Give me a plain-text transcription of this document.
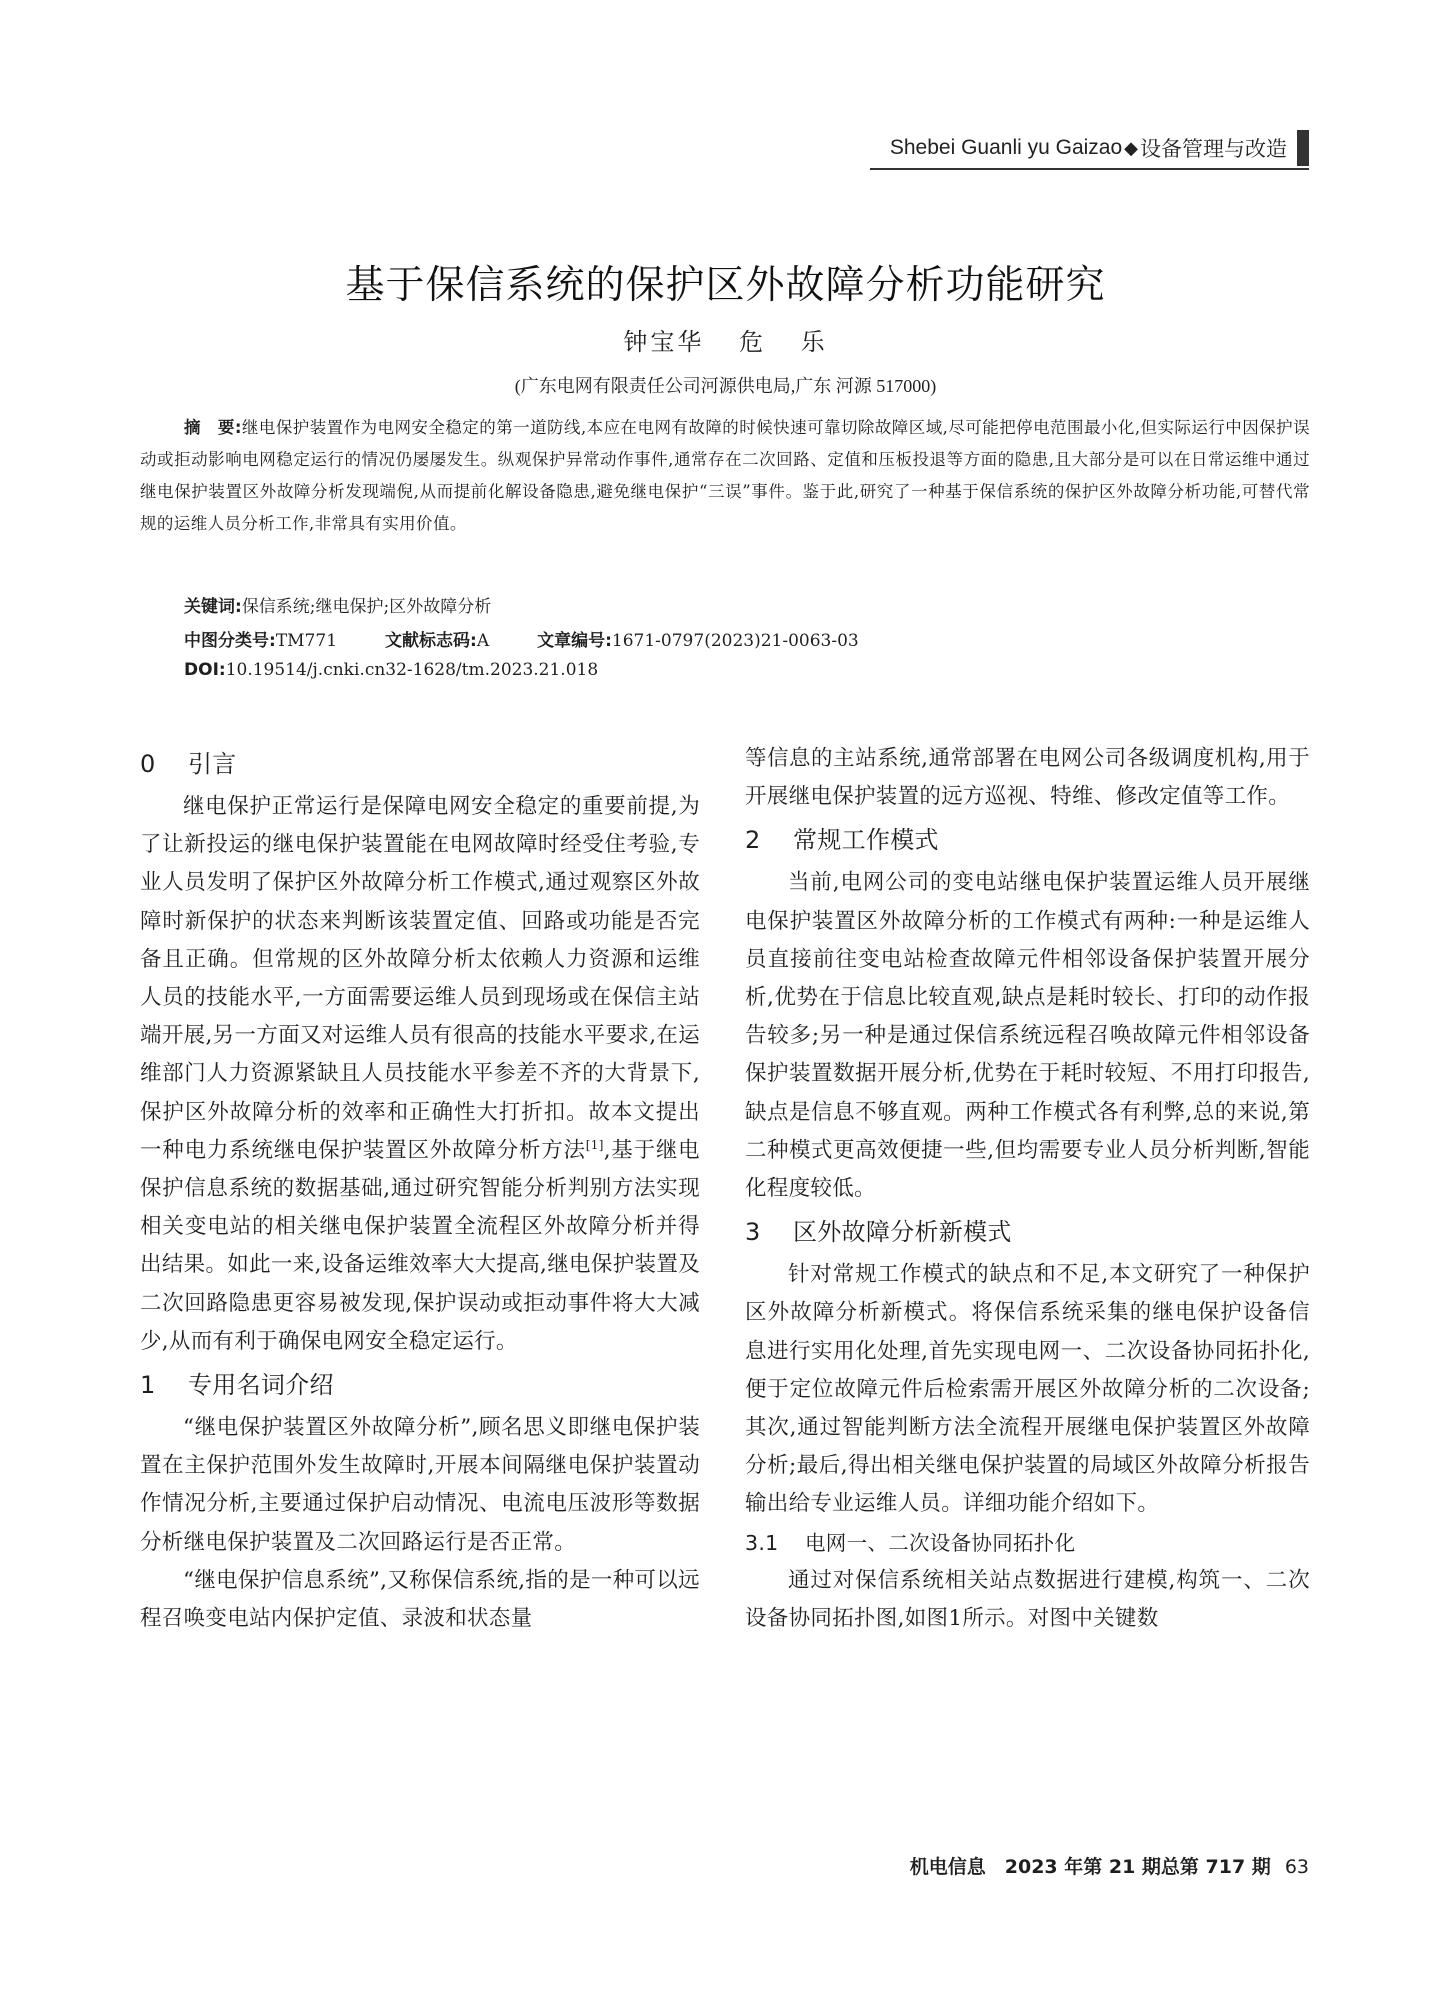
Shebei Guanli yu Gaizao ◆ 设备管理与改造
基于保信系统的保护区外故障分析功能研究
钟宝华 危 乐
(广东电网有限责任公司河源供电局,广东 河源 517000)
摘　要:继电保护装置作为电网安全稳定的第一道防线,本应在电网有故障的时候快速可靠切除故障区域,尽可能把停电范围最小化,但实际运行中因保护误动或拒动影响电网稳定运行的情况仍屡屡发生。纵观保护异常动作事件,通常存在二次回路、定值和压板投退等方面的隐患,且大部分是可以在日常运维中通过继电保护装置区外故障分析发现端倪,从而提前化解设备隐患,避免继电保护“三误”事件。鉴于此,研究了一种基于保信系统的保护区外故障分析功能,可替代常规的运维人员分析工作,非常具有实用价值。
关键词:保信系统;继电保护;区外故障分析
中图分类号:TM771	文献标志码:A	文章编号:1671-0797(2023)21-0063-03
DOI:10.19514/j.cnki.cn32-1628/tm.2023.21.018
0 引言

继电保护正常运行是保障电网安全稳定的重要前提,为了让新投运的继电保护装置能在电网故障时经受住考验,专业人员发明了保护区外故障分析工作模式,通过观察区外故障时新保护的状态来判断该装置定值、回路或功能是否完备且正确。但常规的区外故障分析太依赖人力资源和运维人员的技能水平,一方面需要运维人员到现场或在保信主站端开展,另一方面又对运维人员有很高的技能水平要求,在运维部门人力资源紧缺且人员技能水平参差不齐的大背景下,保护区外故障分析的效率和正确性大打折扣。故本文提出一种电力系统继电保护装置区外故障分析方法[1],基于继电保护信息系统的数据基础,通过研究智能分析判别方法实现相关变电站的相关继电保护装置全流程区外故障分析并得出结果。如此一来,设备运维效率大大提高,继电保护装置及二次回路隐患更容易被发现,保护误动或拒动事件将大大减少,从而有利于确保电网安全稳定运行。

1 专用名词介绍

“继电保护装置区外故障分析”,顾名思义即继电保护装置在主保护范围外发生故障时,开展本间隔继电保护装置动作情况分析,主要通过保护启动情况、电流电压波形等数据分析继电保护装置及二次回路运行是否正常。

“继电保护信息系统”,又称保信系统,指的是一种可以远程召唤变电站内保护定值、录波和状态量

等信息的主站系统,通常部署在电网公司各级调度机构,用于开展继电保护装置的远方巡视、特维、修改定值等工作。

2 常规工作模式

当前,电网公司的变电站继电保护装置运维人员开展继电保护装置区外故障分析的工作模式有两种:一种是运维人员直接前往变电站检查故障元件相邻设备保护装置开展分析,优势在于信息比较直观,缺点是耗时较长、打印的动作报告较多;另一种是通过保信系统远程召唤故障元件相邻设备保护装置数据开展分析,优势在于耗时较短、不用打印报告,缺点是信息不够直观。两种工作模式各有利弊,总的来说,第二种模式更高效便捷一些,但均需要专业人员分析判断,智能化程度较低。

3 区外故障分析新模式

针对常规工作模式的缺点和不足,本文研究了一种保护区外故障分析新模式。将保信系统采集的继电保护设备信息进行实用化处理,首先实现电网一、二次设备协同拓扑化,便于定位故障元件后检索需开展区外故障分析的二次设备;其次,通过智能判断方法全流程开展继电保护装置区外故障分析;最后,得出相关继电保护装置的局域区外故障分析报告输出给专业运维人员。详细功能介绍如下。

3.1 电网一、二次设备协同拓扑化

通过对保信系统相关站点数据进行建模,构筑一、二次设备协同拓扑图,如图1所示。对图中关键数

机电信息　2023 年第 21 期总第 717 期 63
